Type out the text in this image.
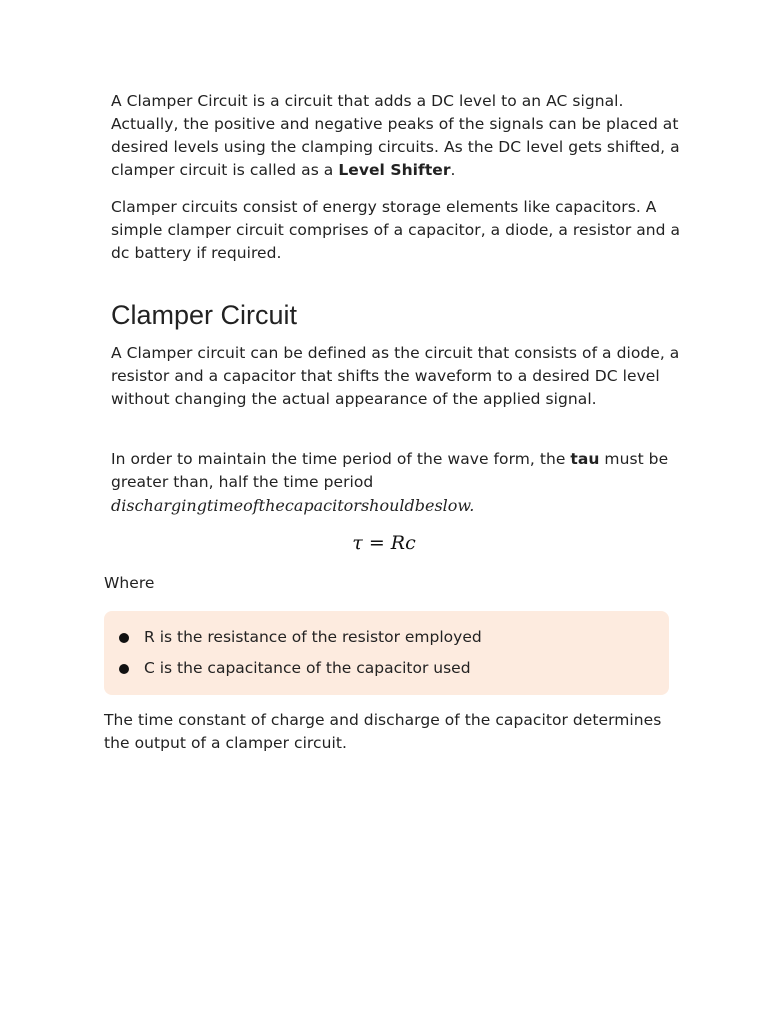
A Clamper Circuit is a circuit that adds a DC level to an AC signal. Actually, the positive and negative peaks of the signals can be placed at desired levels using the clamping circuits. As the DC level gets shifted, a clamper circuit is called as a Level Shifter.

Clamper circuits consist of energy storage elements like capacitors. A simple clamper circuit comprises of a capacitor, a diode, a resistor and a dc battery if required.

Clamper Circuit

A Clamper circuit can be defined as the circuit that consists of a diode, a resistor and a capacitor that shifts the waveform to a desired DC level without changing the actual appearance of the applied signal.

In order to maintain the time period of the wave form, the tau must be greater than, half the time period dischargingtimeofthecapacitorshouldbeslow.

τ = Rc

Where

R is the resistance of the resistor employed
C is the capacitance of the capacitor used

The time constant of charge and discharge of the capacitor determines the output of a clamper circuit.
